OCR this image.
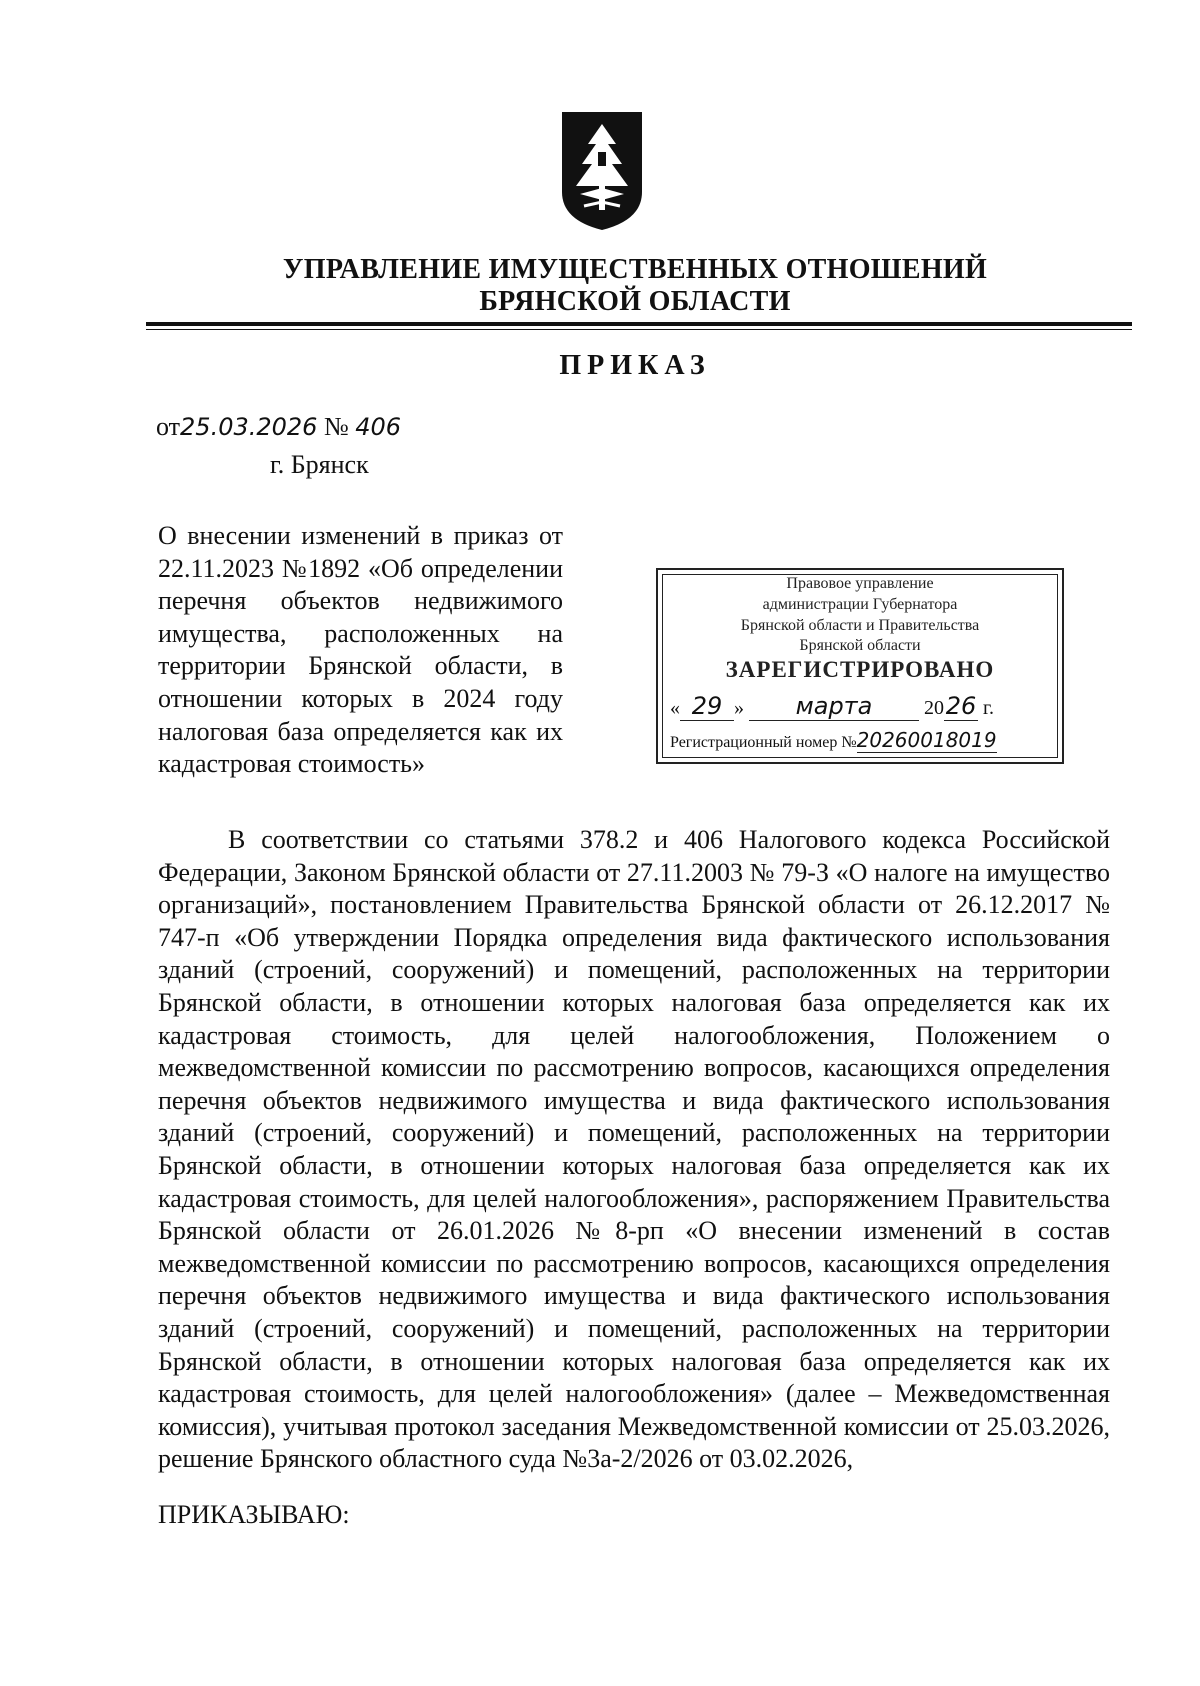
УПРАВЛЕНИЕ ИМУЩЕСТВЕННЫХ ОТНОШЕНИЙ
БРЯНСКОЙ ОБЛАСТИ
ПРИКАЗ
от25.03.2026 № 406
г. Брянск
О внесении изменений в приказ от 22.11.2023 №1892 «Об определении перечня объектов недвижимого имущества, расположенных на территории Брянской области, в отношении которых в 2024 году налоговая база определяется как их кадастровая стоимость»
Правовое управление
администрации Губернатора
Брянской области и Правительства
Брянской области
ЗАРЕГИСТРИРОВАНО
« 29 » марта	2026 г.
Регистрационный номер №20260018019
В соответствии со статьями 378.2 и 406 Налогового кодекса Российской Федерации, Законом Брянской области от 27.11.2003 № 79-З «О налоге на имущество организаций», постановлением Правительства Брянской области от 26.12.2017 № 747-п «Об утверждении Порядка определения вида фактического использования зданий (строений, сооружений) и помещений, расположенных на территории Брянской области, в отношении которых налоговая база определяется как их кадастровая стоимость, для целей налогообложения, Положением о межведомственной комиссии по рассмотрению вопросов, касающихся определения перечня объектов недвижимого имущества и вида фактического использования зданий (строений, сооружений) и помещений, расположенных на территории Брянской области, в отношении которых налоговая база определяется как их кадастровая стоимость, для целей налогообложения», распоряжением Правительства Брянской области от 26.01.2026 №8-рп «О внесении изменений в состав межведомственной комиссии по рассмотрению вопросов, касающихся определения перечня объектов недвижимого имущества и вида фактического использования зданий (строений, сооружений) и помещений, расположенных на территории Брянской области, в отношении которых налоговая база определяется как их кадастровая стоимость, для целей налогообложения» (далее – Межведомственная комиссия), учитывая протокол заседания Межведомственной комиссии от 25.03.2026, решение Брянского областного суда №3а-2/2026 от 03.02.2026,
ПРИКАЗЫВАЮ:
